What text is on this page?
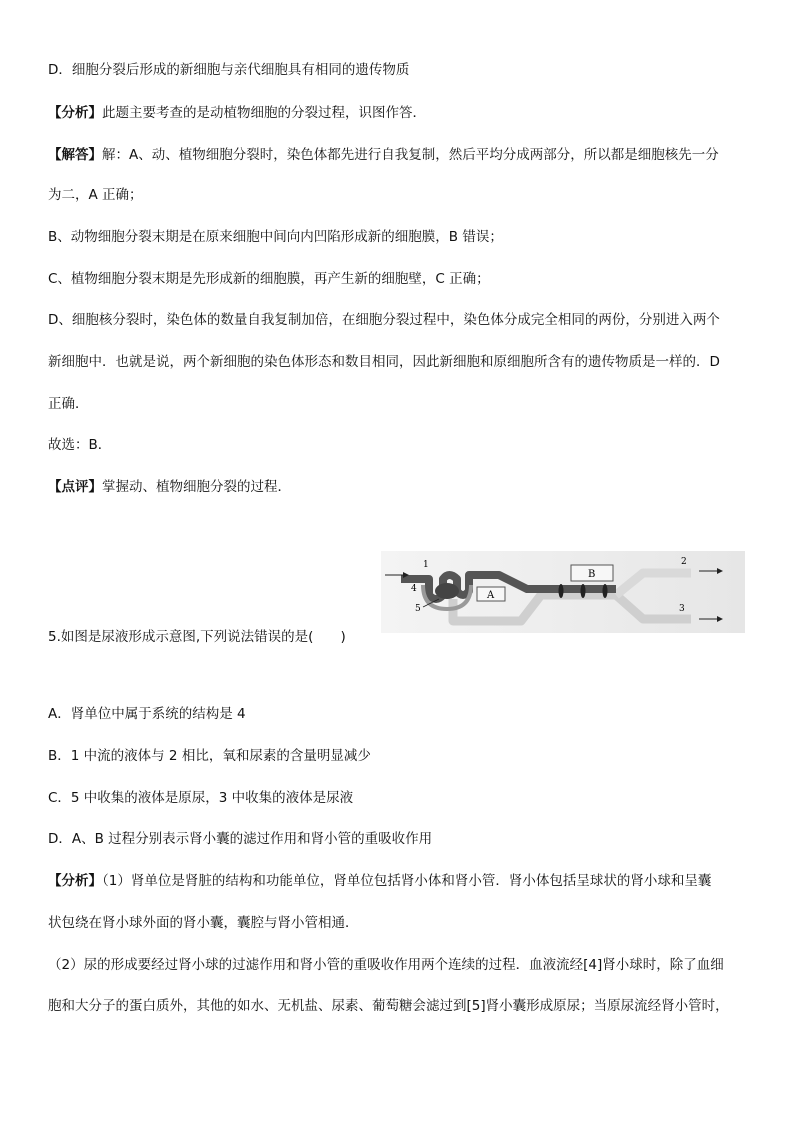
D．细胞分裂后形成的新细胞与亲代细胞具有相同的遗传物质
【分析】此题主要考查的是动植物细胞的分裂过程，识图作答．
【解答】解：A、动、植物细胞分裂时，染色体都先进行自我复制，然后平均分成两部分，所以都是细胞核先一分
为二，A 正确；
B、动物细胞分裂末期是在原来细胞中间向内凹陷形成新的细胞膜，B 错误；
C、植物细胞分裂末期是先形成新的细胞膜，再产生新的细胞壁，C 正确；
D、细胞核分裂时，染色体的数量自我复制加倍，在细胞分裂过程中，染色体分成完全相同的两份，分别进入两个
新细胞中．也就是说，两个新细胞的染色体形态和数目相同，因此新细胞和原细胞所含有的遗传物质是一样的．D
正确．
故选：B．
【点评】掌握动、植物细胞分裂的过程．
5.如图是尿液形成示意图,下列说法错误的是(　　)
A
B
1
4
5
2
3
A．肾单位中属于系统的结构是 4
B．1 中流的液体与 2 相比，氧和尿素的含量明显减少
C．5 中收集的液体是原尿，3 中收集的液体是尿液
D．A、B 过程分别表示肾小囊的滤过作用和肾小管的重吸收作用
【分析】（1）肾单位是肾脏的结构和功能单位，肾单位包括肾小体和肾小管．肾小体包括呈球状的肾小球和呈囊
状包绕在肾小球外面的肾小囊，囊腔与肾小管相通．
（2）尿的形成要经过肾小球的过滤作用和肾小管的重吸收作用两个连续的过程．血液流经[4]肾小球时，除了血细
胞和大分子的蛋白质外，其他的如水、无机盐、尿素、葡萄糖会滤过到[5]肾小囊形成原尿；当原尿流经肾小管时，
